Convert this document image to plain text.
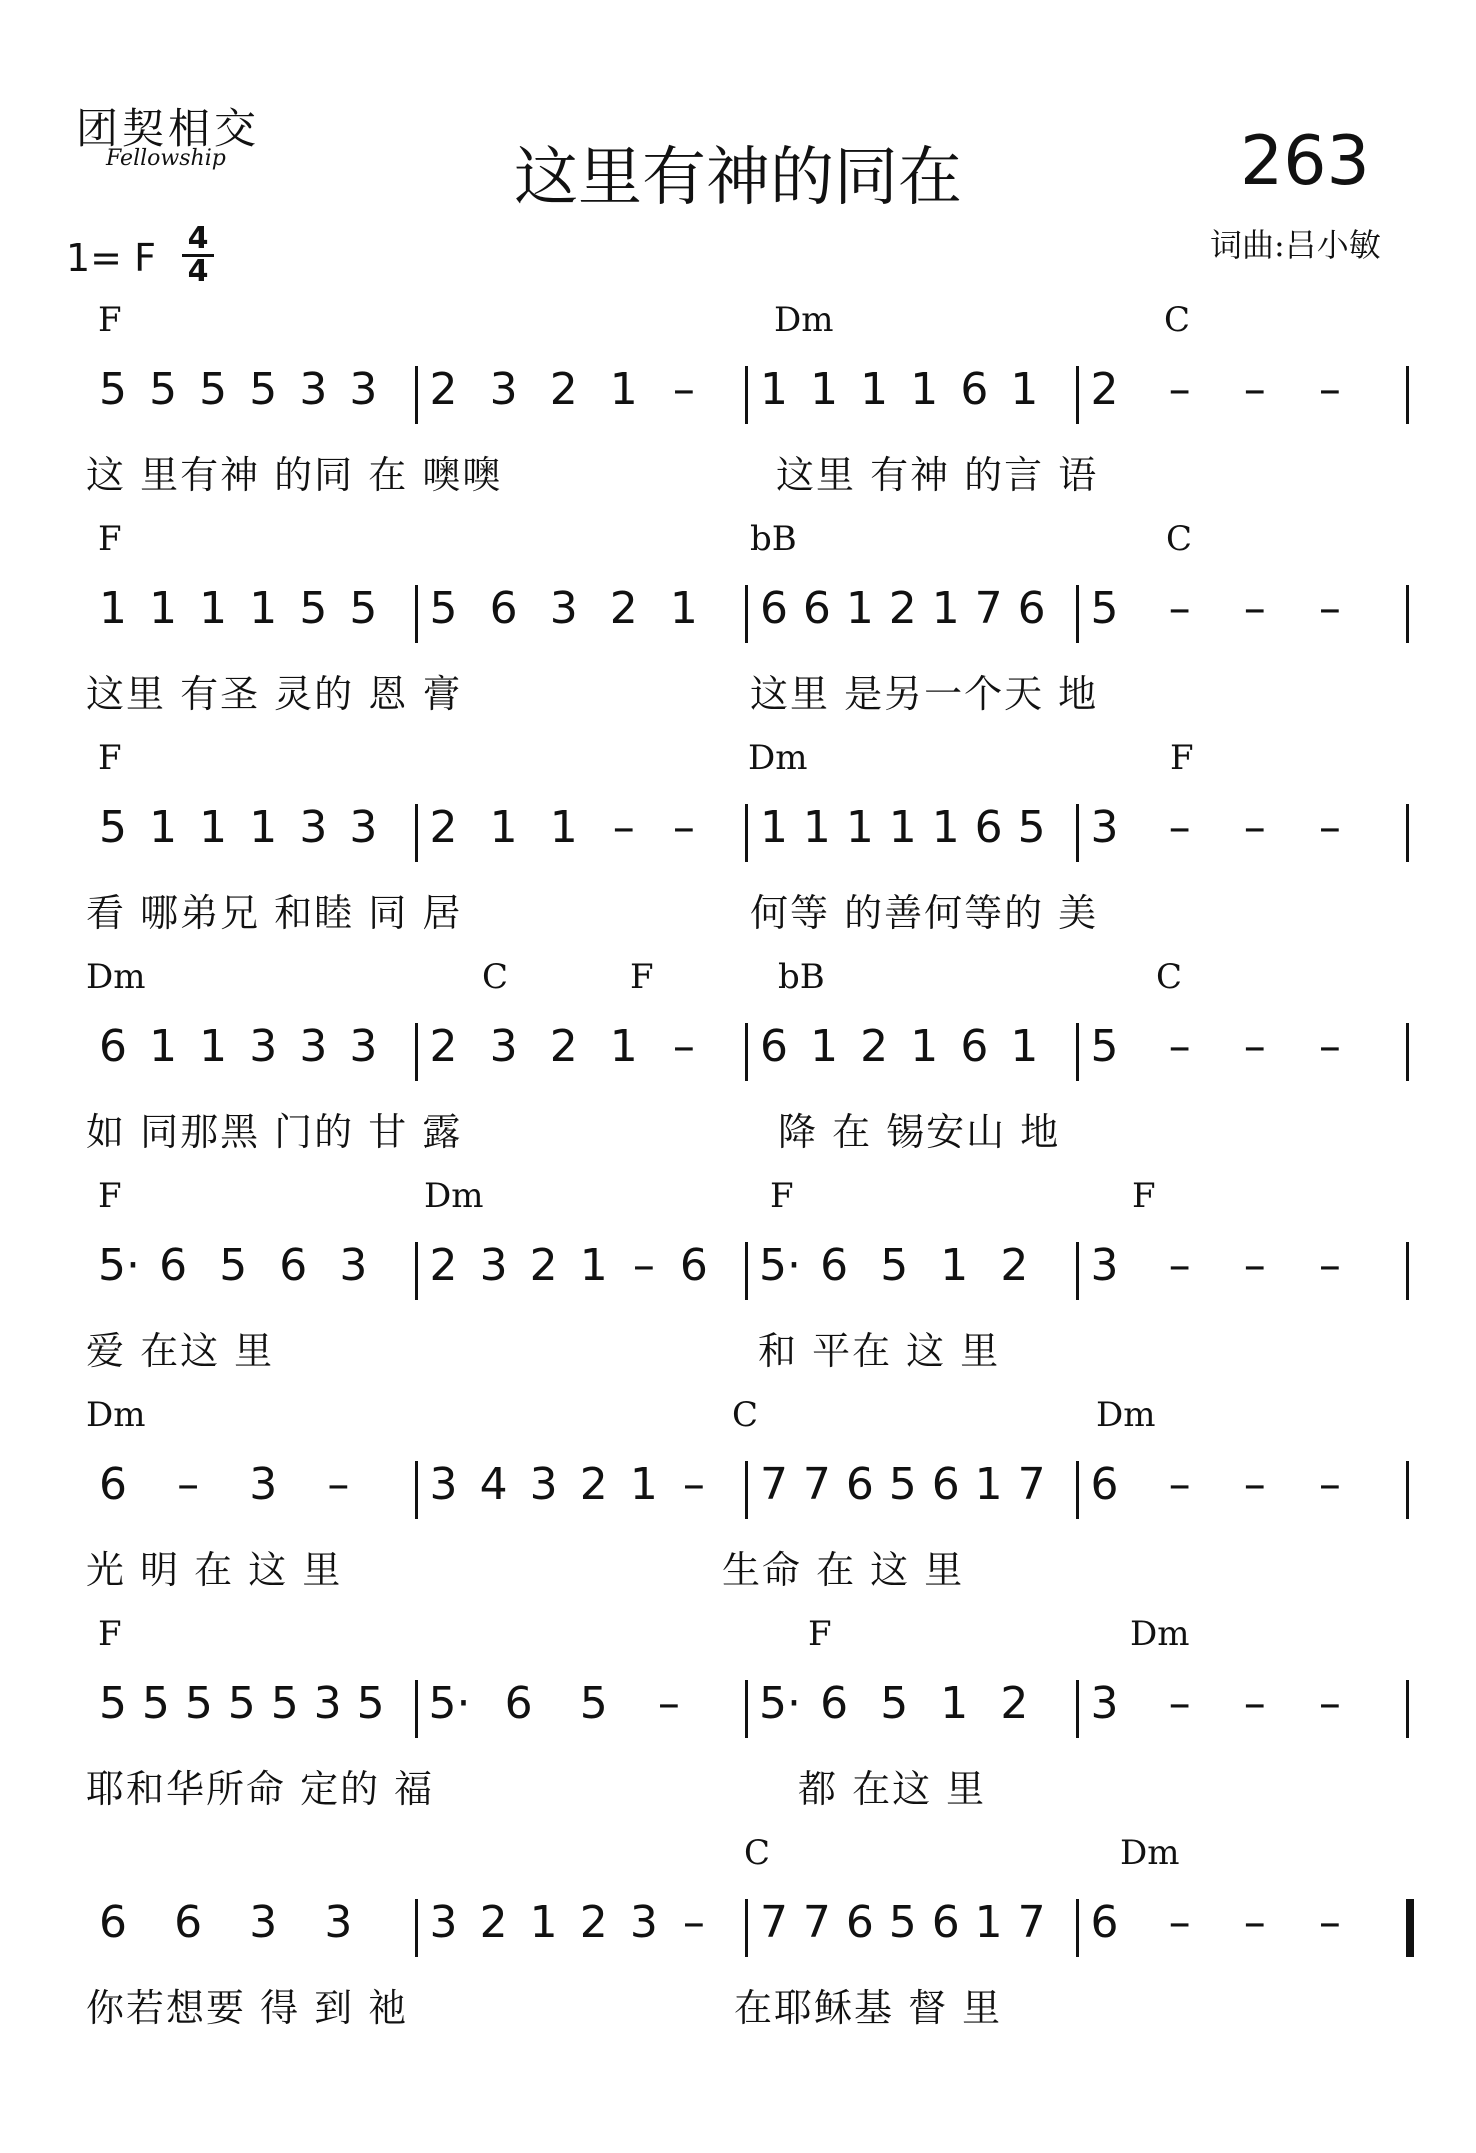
团契相交
Fellowship	这里有神的同在	263
词曲:吕小敏
1= F 4
4
F	Dm	C
5 5 5 5 3 3 2 3 2 1 – 1 1 1 1 6 1 2 – – –
这 里有神 的同 在 噢噢	这里 有神 的言 语
F	bB	C
1 1 1 1 5 5 5 6 3 2 1 6 6 1 2 1 7 6 5 – – –
这里 有圣 灵的 恩 膏	这里 是另一个天 地
F	Dm	F
5 1 1 1 3 3 2 1 1 – – 1 1 1 1 1 6 5 3 – – –
看 哪弟兄 和睦 同 居	何等 的善何等的 美
Dm	C	F	bB	C
6 1 1 3 3 3 2 3 2 1 – 6 1 2 1 6 1 5 – – –
如 同那黑 门的 甘 露	降 在 锡安山 地
F	Dm	F	F
5· 6 5 6 3 2 3 2 1 – 6 5· 6 5 1 2 3 – – –
爱 在这 里	和 平在 这 里
Dm	C	Dm
6 – 3 – 3 4 3 2 1 – 7 7 6 5 6 1 7 6 – – –
光 明 在 这 里	生命 在 这 里
F	F	Dm
5 5 5 5 5 3 5 5· 6 5 – 5· 6 5 1 2 3 – – –
耶和华所命 定的 福	都 在这 里
C	Dm
6 6 3 3 3 2 1 2 3 – 7 7 6 5 6 1 7 6 – – –
你若想要 得 到 祂	在耶稣基 督 里
